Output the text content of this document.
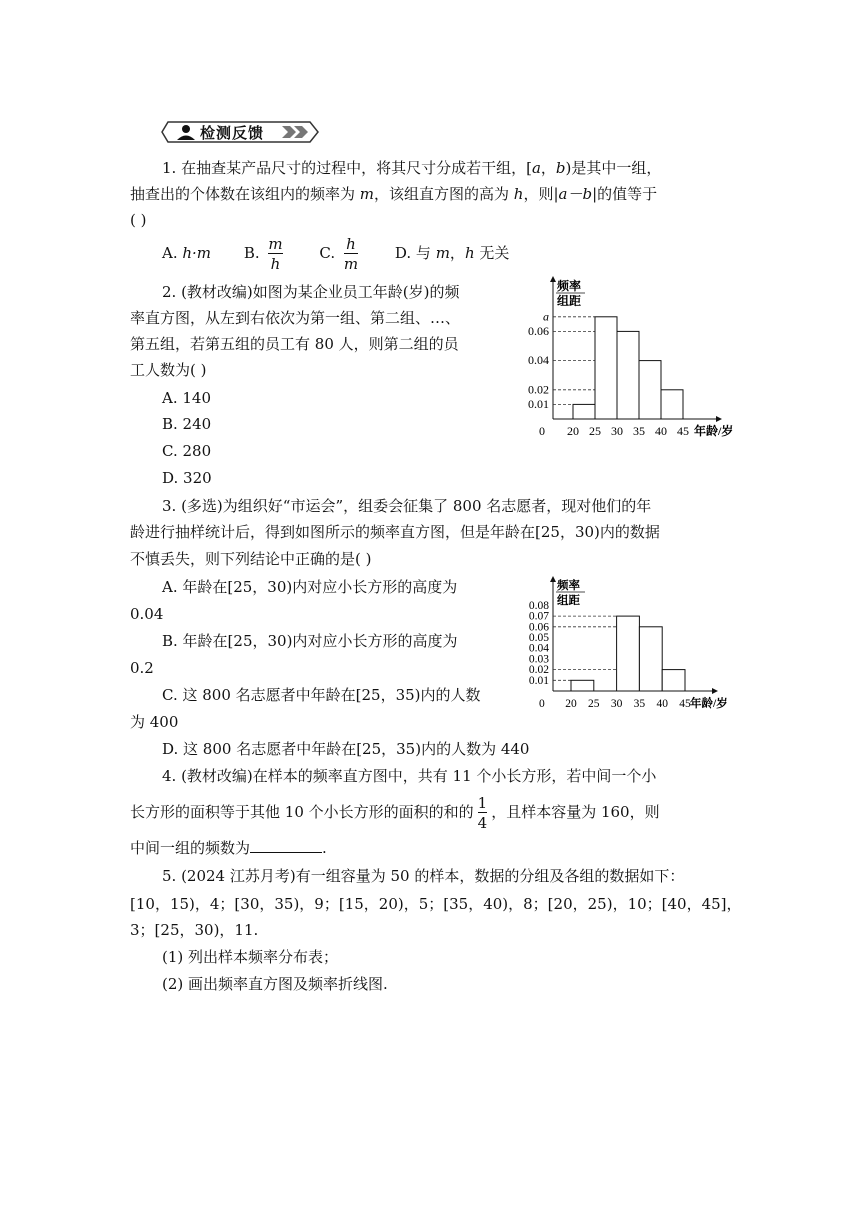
检测反馈
1. 在抽查某产品尺寸的过程中，将其尺寸分成若干组，[a，b)是其中一组，
抽查出的个体数在该组内的频率为 m，该组直方图的高为 h，则|a－b|的值等于
( )
A. h·m B. $\frac{m}{h} C$. $\frac{h}{m} D$. 与 m，h 无关
2. (教材改编)如图为某企业员工年龄(岁)的频
率直方图，从左到右依次为第一组、第二组、…、
第五组，若第五组的员工有 80 人，则第二组的员
工人数为( )
A. 140
B. 240
C. 280
D. 320
频率
组距
0
a
0.06
0.04
0.02
0.01
20 25 30 35 40 45 年龄/岁
3. (多选)为组织好“市运会”，组委会征集了 800 名志愿者，现对他们的年
龄进行抽样统计后，得到如图所示的频率直方图，但是年龄在[25，30)内的数据
不慎丢失，则下列结论中正确的是( )
A. 年龄在[25，30)内对应小长方形的高度为
0.04
B. 年龄在[25，30)内对应小长方形的高度为
0.2
C. 这 800 名志愿者中年龄在[25，35)内的人数
为 400
D. 这 800 名志愿者中年龄在[25，35)内的人数为 440
频率
组距
0
0.08
0.07
0.06
0.05
0.04
0.03
0.02
0.01
20 25 30 35 40 45 年龄/岁
4. (教材改编)在样本的频率直方图中，共有 11 个小长方形，若中间一个小
长方形的面积等于其他 10 个小长方形的面积的和的 $\frac{1}{4}$ ，且样本容量为 160，则
中间一组的频数为	.
5. (2024 江苏月考)有一组容量为 50 的样本，数据的分组及各组的数据如下：
[10，15)，4；[30，35)，9；[15，20)，5；[35，40)，8；[20，25)，10；[40，45]，
3；[25，30)，11.
(1) 列出样本频率分布表；
(2) 画出频率直方图及频率折线图.
